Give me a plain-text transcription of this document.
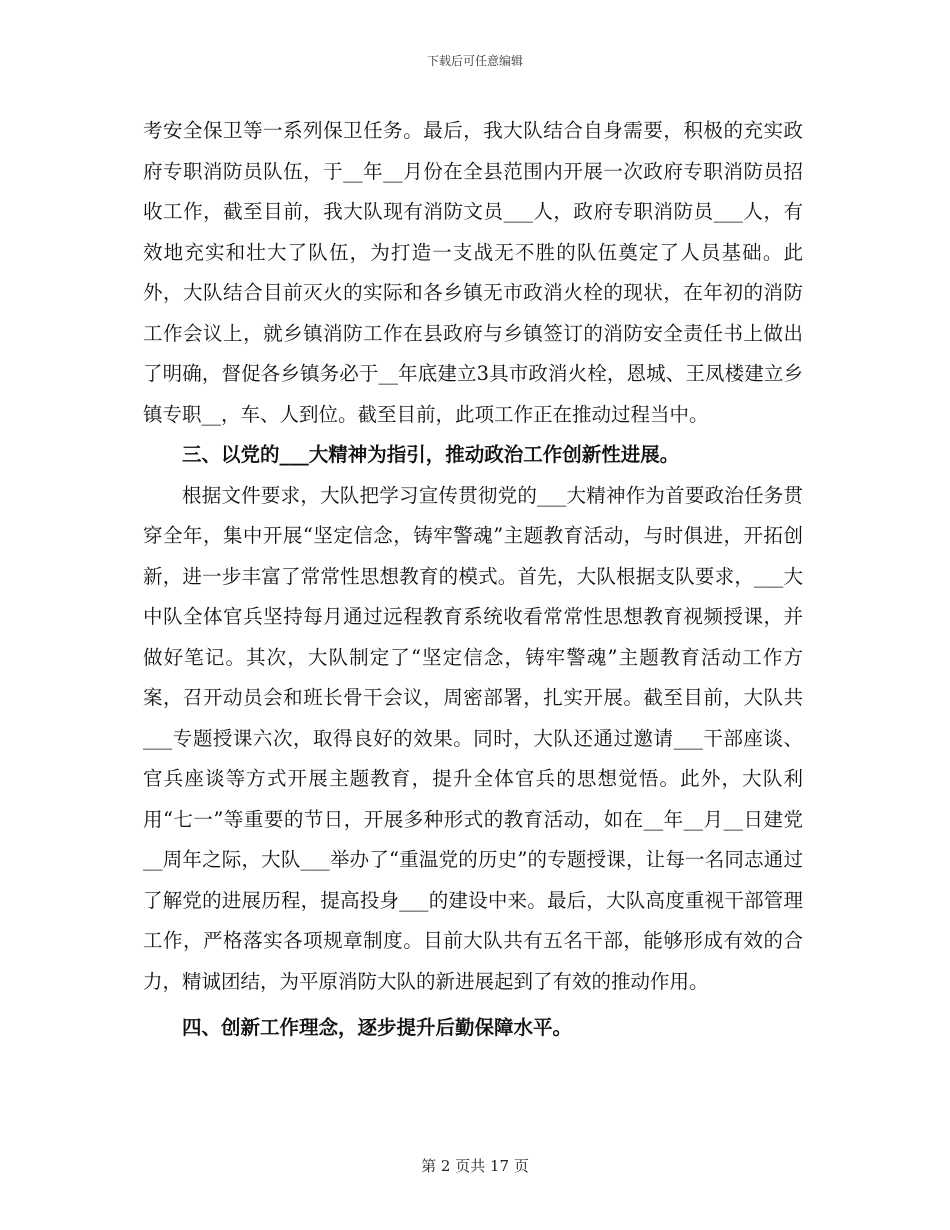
下载后可任意编辑

考安全保卫等一系列保卫任务。最后，我大队结合自身需要，积极的充实政府专职消防员队伍，于__年__月份在全县范围内开展一次政府专职消防员招收工作，截至目前，我大队现有消防文员___人，政府专职消防员___人，有效地充实和壮大了队伍，为打造一支战无不胜的队伍奠定了人员基础。此外，大队结合目前灭火的实际和各乡镇无市政消火栓的现状，在年初的消防工作会议上，就乡镇消防工作在县政府与乡镇签订的消防安全责任书上做出了明确，督促各乡镇务必于__年底建立3具市政消火栓，恩城、王凤楼建立乡镇专职__，车、人到位。截至目前，此项工作正在推动过程当中。

三、以党的___大精神为指引，推动政治工作创新性进展。

根据文件要求，大队把学习宣传贯彻党的___大精神作为首要政治任务贯穿全年，集中开展“坚定信念，铸牢警魂”主题教育活动，与时俱进，开拓创新，进一步丰富了常常性思想教育的模式。首先，大队根据支队要求，___大中队全体官兵坚持每月通过远程教育系统收看常常性思想教育视频授课，并做好笔记。其次，大队制定了“坚定信念，铸牢警魂”主题教育活动工作方案，召开动员会和班长骨干会议，周密部署，扎实开展。截至目前，大队共___专题授课六次，取得良好的效果。同时，大队还通过邀请___干部座谈、官兵座谈等方式开展主题教育，提升全体官兵的思想觉悟。此外，大队利用“七一”等重要的节日，开展多种形式的教育活动，如在__年__月__日建党__周年之际，大队___举办了“重温党的历史”的专题授课，让每一名同志通过了解党的进展历程，提高投身___的建设中来。最后，大队高度重视干部管理工作，严格落实各项规章制度。目前大队共有五名干部，能够形成有效的合力，精诚团结，为平原消防大队的新进展起到了有效的推动作用。

四、创新工作理念，逐步提升后勤保障水平。

第 2 页共 17 页
